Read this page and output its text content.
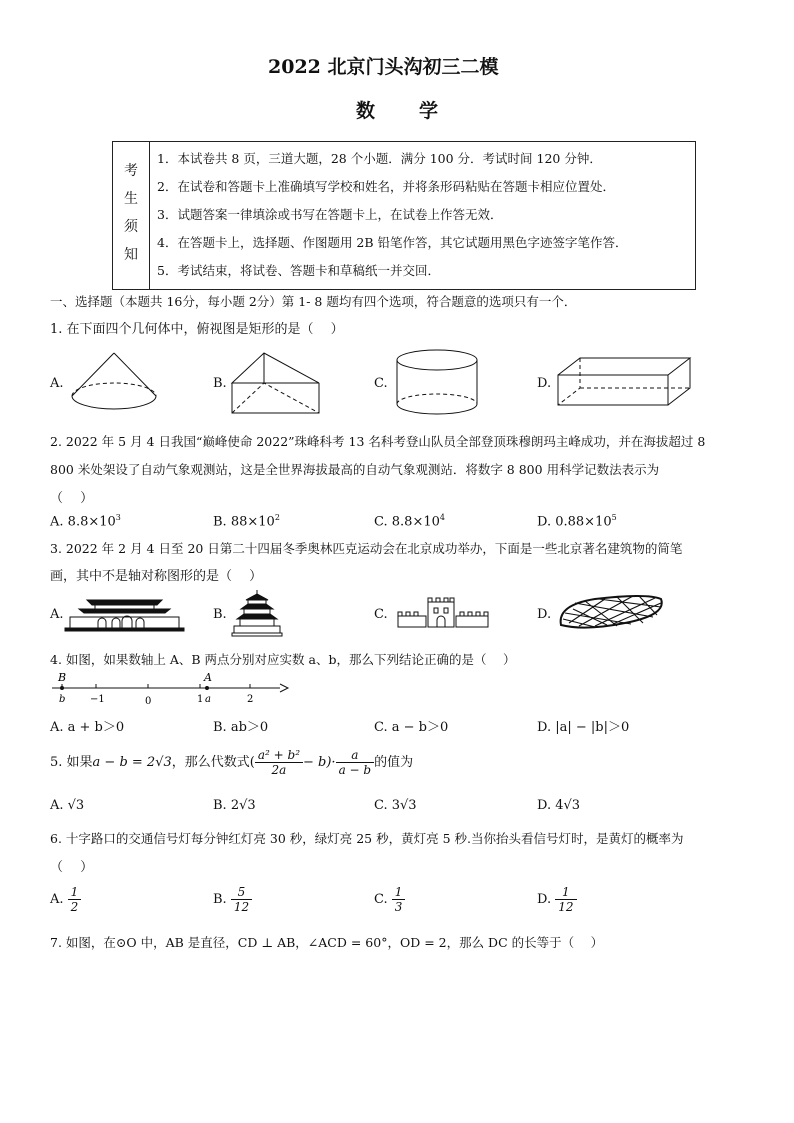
2022 北京门头沟初三二模
数　　学
考
生
须
知
1．本试卷共 8 页，三道大题，28 个小题．满分 100 分．考试时间 120 分钟．
2．在试卷和答题卡上准确填写学校和姓名，并将条形码粘贴在答题卡相应位置处．
3．试题答案一律填涂或书写在答题卡上，在试卷上作答无效．
4．在答题卡上，选择题、作图题用 2B 铅笔作答，其它试题用黑色字迹签字笔作答．
5．考试结束，将试卷、答题卡和草稿纸一并交回．
一、选择题（本题共 16分，每小题 2分）第 1- 8 题均有四个选项，符合题意的选项只有一个．
1. 在下面四个几何体中，俯视图是矩形的是（　 ）
A.	B.	C.	D.
2. 2022 年 5 月 4 日我国“巅峰使命 2022”珠峰科考 13 名科考登山队员全部登顶珠穆朗玛主峰成功，并在海拔超过 8
800 米处架设了自动气象观测站，这是全世界海拔最高的自动气象观测站．将数字 8 800 用科学记数法表示为
（　 ）
A. $8.8\times 10^3$	B. $88\times 10^2$	C. $8.8\times 10^4$	D. $0.88\times 10^5$
3. 2022 年 2 月 4 日至 20 日第二十四届冬季奥林匹克运动会在北京成功举办，下面是一些北京著名建筑物的简笔
画，其中不是轴对称图形的是（　 ）
A.	B.	C.	D.
4. 如图，如果数轴上 A、B 两点分别对应实数 a、b，那么下列结论正确的是（　 ）
B	A
b −1	0	1 a	2
A. a + b＞0	B. ab＞0	C. a − b＞0	D. |a| − |b|＞0
5. 如果a − b = 2√3，那么代数式( $\frac{\text{a² + b²}}{2a} - b)\cdot \frac{a}{a - b}$ 的值为
A. √3	B. 2√3	C. 3√3	D. 4√3
6. 十字路口的交通信号灯每分钟红灯亮 30 秒，绿灯亮 25 秒，黄灯亮 5 秒.当你抬头看信号灯时，是黄灯的概率为
（　 ）
A. $\frac{1}{2}$	B. $\frac{5}{12}$	C. $\frac{1}{3}$	D. $\frac{1}{12}$
7. 如图，在⊙O 中，AB 是直径，CD ⊥ AB，∠ACD = 60°，OD = 2，那么 DC 的长等于（　 ）
